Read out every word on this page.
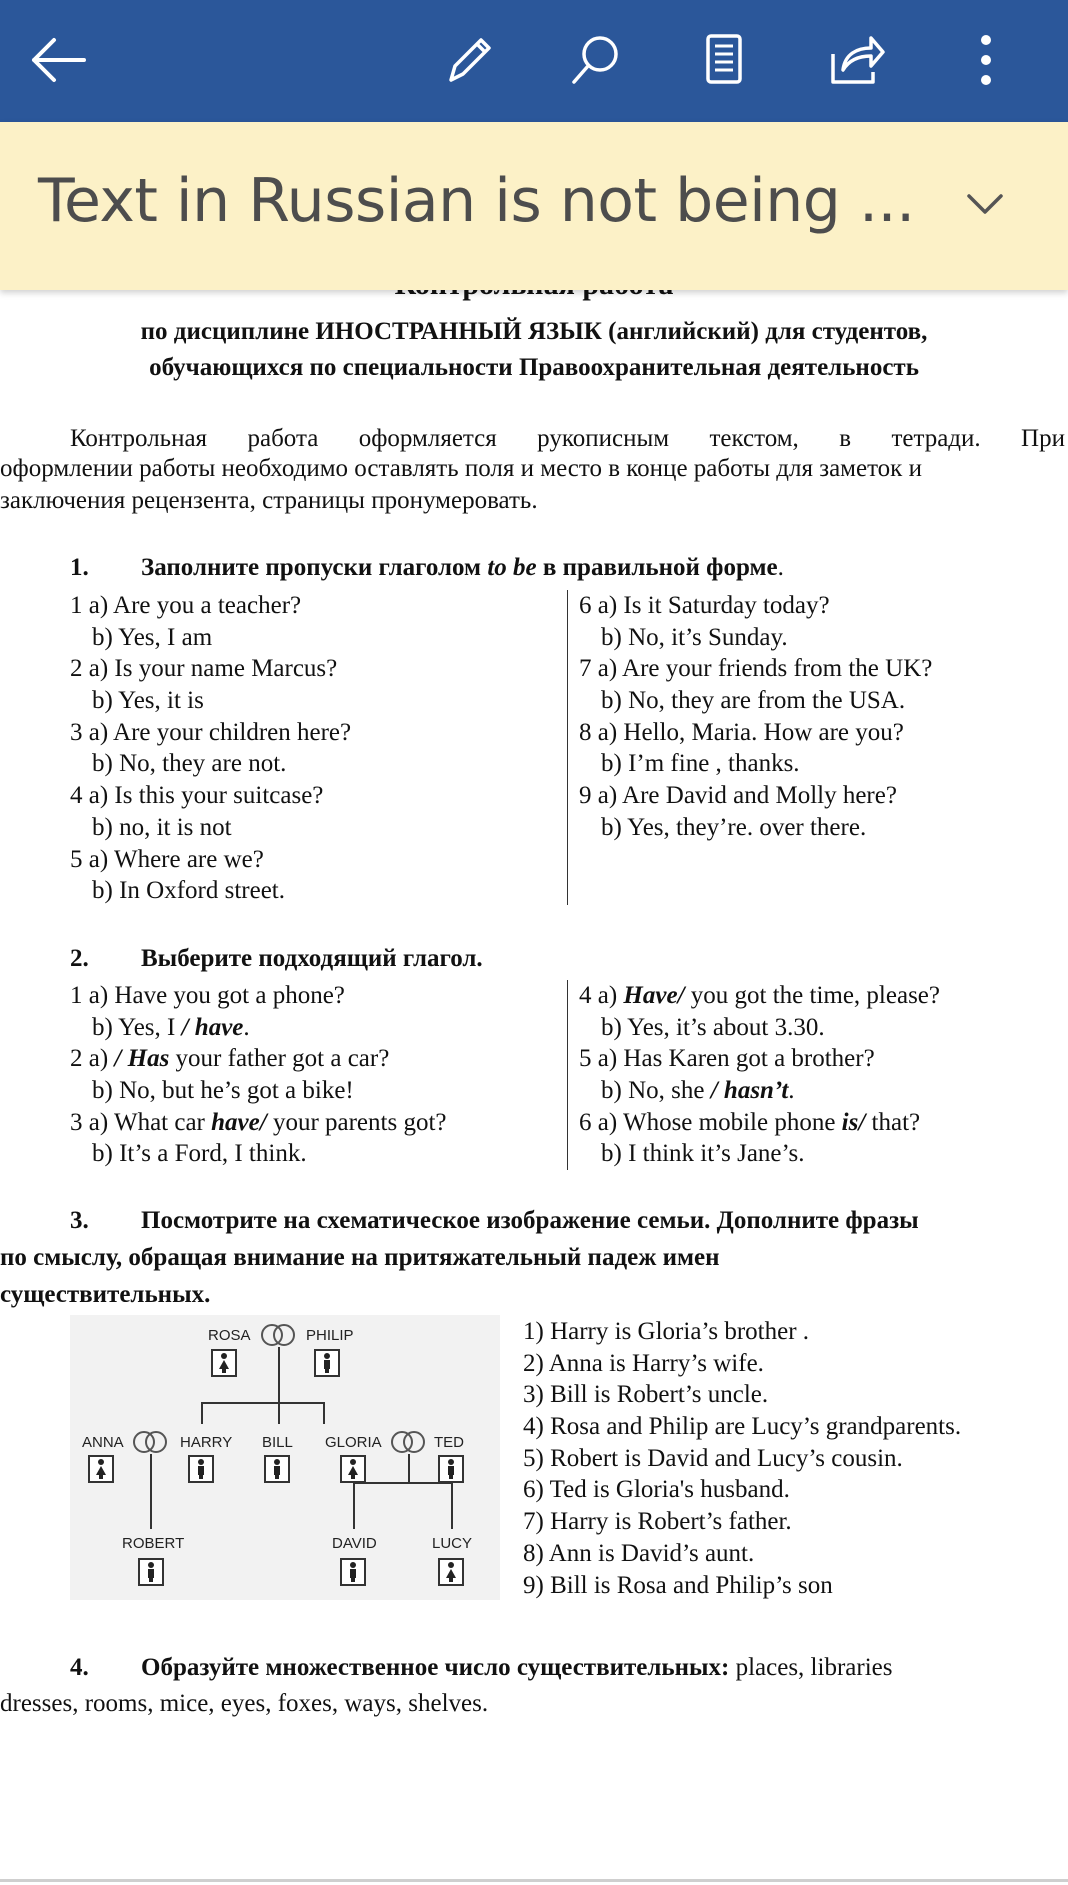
по дисциплине ИНОСТРАННЫЙ ЯЗЫК (английский) для студентов,
обучающихся по специальности Правоохранительная деятельность
Контрольная работа оформляется рукописным текстом, в тетради. При
оформлении работы необходимо оставлять поля и место в конце работы для заметок и
заключения рецензента, страницы пронумеровать.
1. Заполните пропуски глаголом to be в правильной форме.
1 a) Are you a teacher?
b) Yes, I am
2 a) Is your name Marcus?
b) Yes, it is
3 a) Are your children here?
b) No, they are not.
4 a) Is this your suitcase?
b) no, it is not
5 a) Where are we?
b) In Oxford street.
6 a) Is it Saturday today?
b) No, it’s Sunday.
7 a) Are your friends from the UK?
b) No, they are from the USA.
8 a) Hello, Maria. How are you?
b) I’m fine , thanks.
9 a) Are David and Molly here?
b) Yes, they’re. over there.
2. Выберите подходящий глагол.
1 a) Have you got a phone?
b) Yes, I / have.
2 a) / Has your father got a car?
b) No, but he’s got a bike!
3 a) What car have/ your parents got?
b) It’s a Ford, I think.
4 a) Have/ you got the time, please?
b) Yes, it’s about 3.30.
5 a) Has Karen got a brother?
b) No, she / hasn’t.
6 a) Whose mobile phone is/ that?
b) I think it’s Jane’s.
3. Посмотрите на схематическое изображение семьи. Дополните фразы
по смыслу, обращая внимание на притяжательный падеж имен
существительных.
ROSA	PHILIP
ANNA	HARRY BILL GLORIA	TED
ROBERT	DAVID	LUCY
1) Harry is Gloria’s brother .
2) Anna is Harry’s wife.
3) Bill is Robert’s uncle.
4) Rosa and Philip are Lucy’s grandparents.
5) Robert is David and Lucy’s cousin.
6) Ted is Gloria's husband.
7) Harry is Robert’s father.
8) Ann is David’s aunt.
9) Bill is Rosa and Philip’s son
4. Образуйте множественное число существительных: places, libraries
dresses, rooms, mice, eyes, foxes, ways, shelves.
Text in Russian is not being ...
